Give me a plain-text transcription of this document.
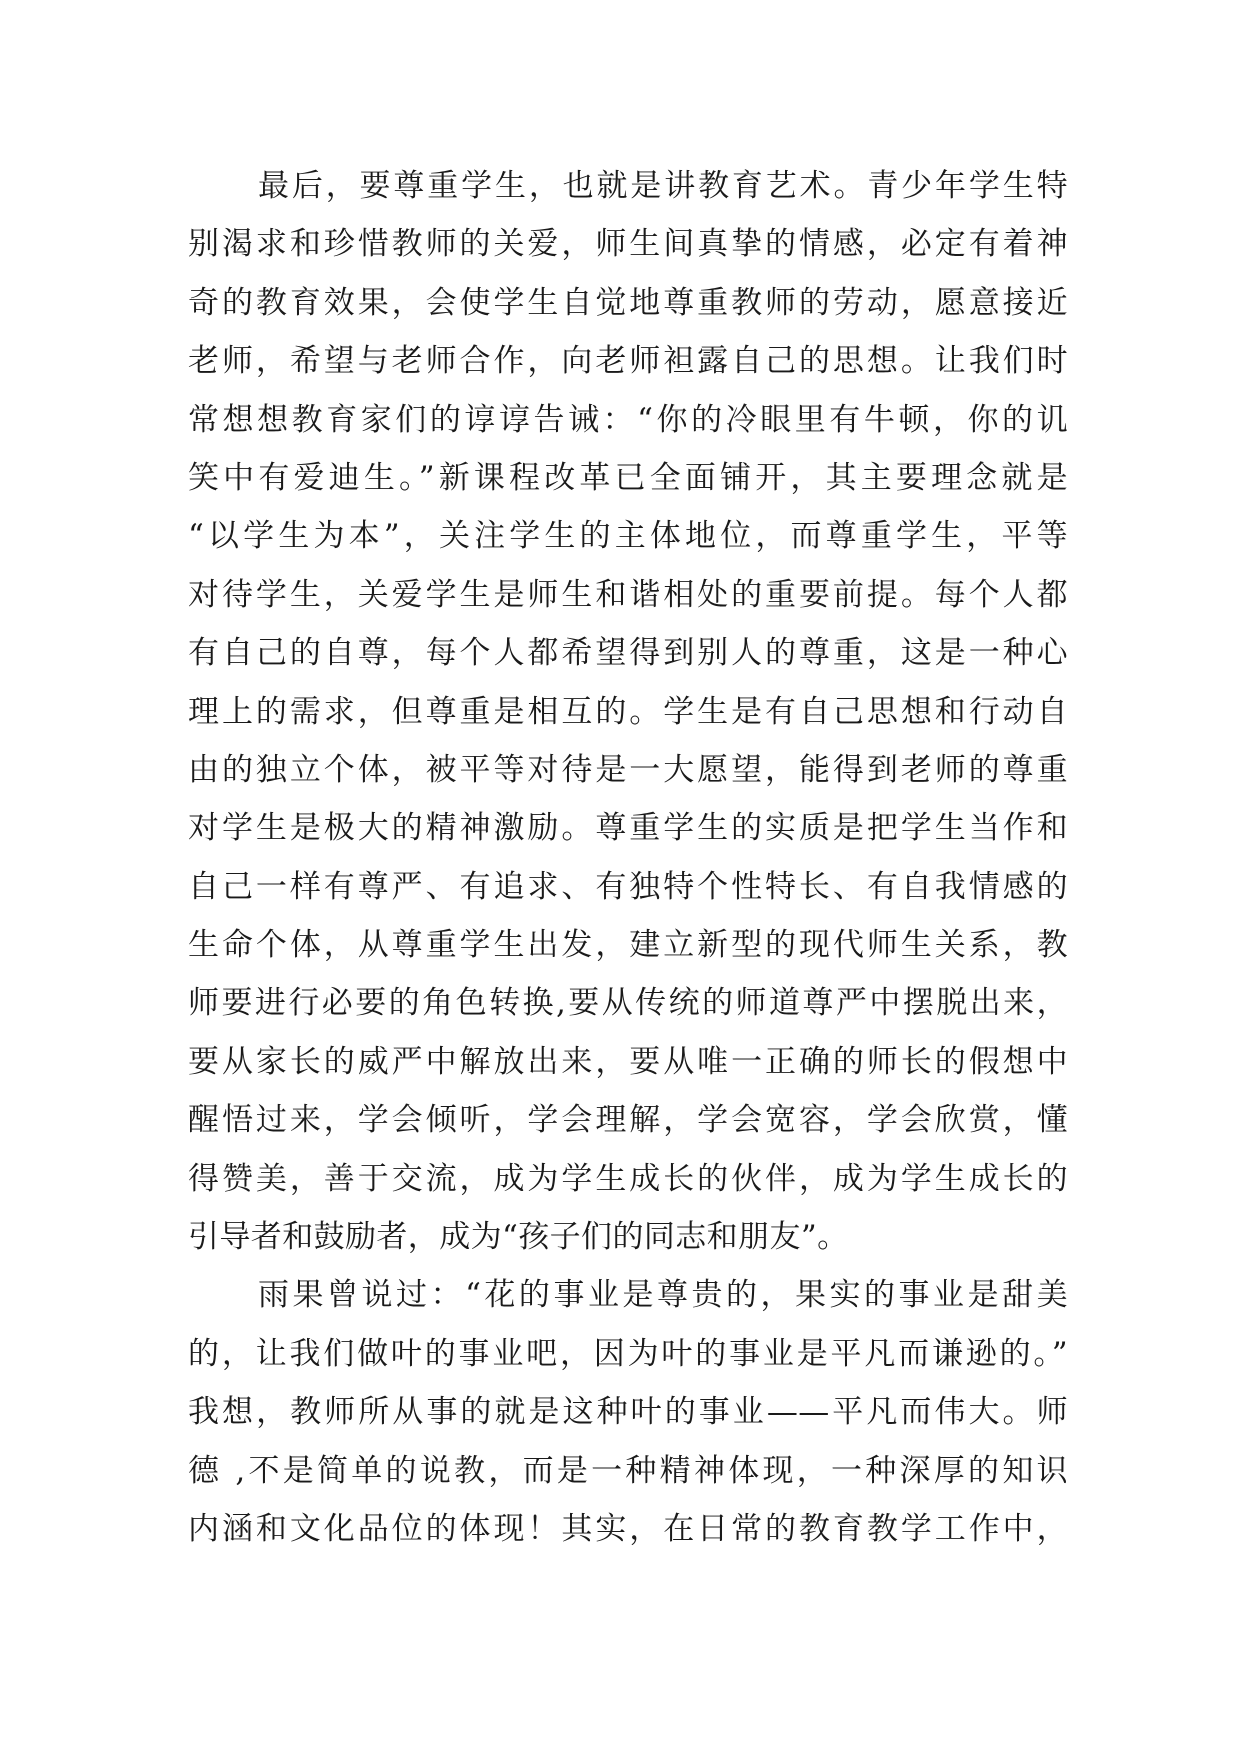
最后，要尊重学生，也就是讲教育艺术。青少年学生特
别渴求和珍惜教师的关爱，师生间真挚的情感，必定有着神
奇的教育效果，会使学生自觉地尊重教师的劳动，愿意接近
老师，希望与老师合作，向老师袒露自己的思想。让我们时
常想想教育家们的谆谆告诫：“你的冷眼里有牛顿，你的讥
笑中有爱迪生。”新课程改革已全面铺开，其主要理念就是
“以学生为本”，关注学生的主体地位，而尊重学生，平等
对待学生，关爱学生是师生和谐相处的重要前提。每个人都
有自己的自尊，每个人都希望得到别人的尊重，这是一种心
理上的需求，但尊重是相互的。学生是有自己思想和行动自
由的独立个体，被平等对待是一大愿望，能得到老师的尊重
对学生是极大的精神激励。尊重学生的实质是把学生当作和
自己一样有尊严、有追求、有独特个性特长、有自我情感的
生命个体，从尊重学生出发，建立新型的现代师生关系，教
师要进行必要的角色转换,要从传统的师道尊严中摆脱出来，
要从家长的威严中解放出来，要从唯一正确的师长的假想中
醒悟过来，学会倾听，学会理解，学会宽容，学会欣赏，懂
得赞美，善于交流，成为学生成长的伙伴，成为学生成长的
引导者和鼓励者，成为“孩子们的同志和朋友”。
雨果曾说过：“花的事业是尊贵的，果实的事业是甜美
的，让我们做叶的事业吧，因为叶的事业是平凡而谦逊的。”
我想，教师所从事的就是这种叶的事业——平凡而伟大。师
德 ,不是简单的说教，而是一种精神体现，一种深厚的知识
内涵和文化品位的体现！其实，在日常的教育教学工作中，
